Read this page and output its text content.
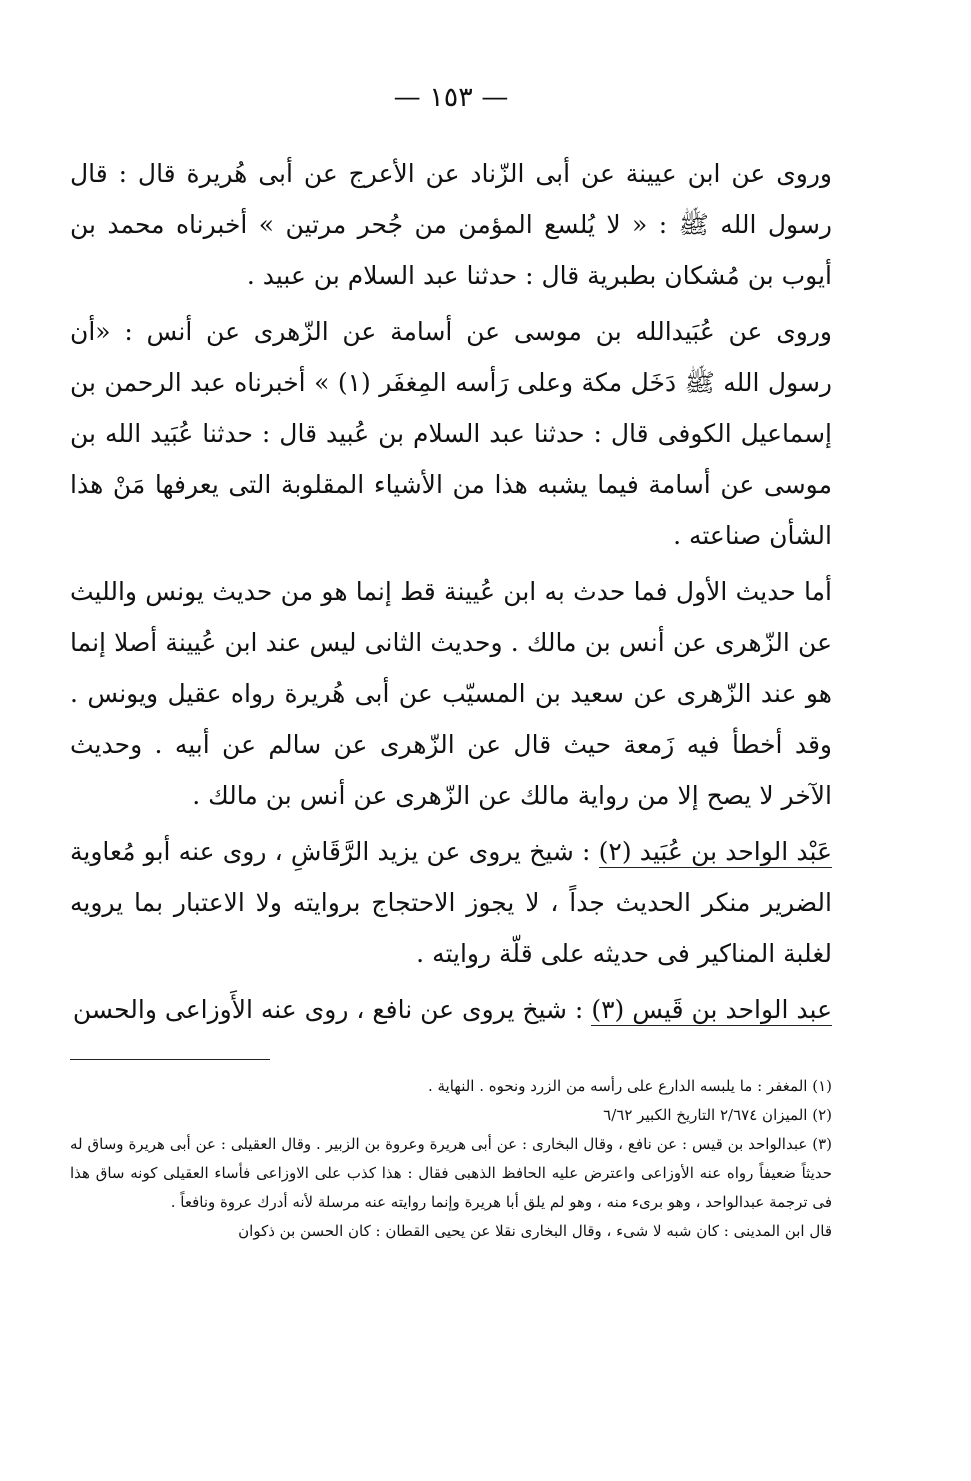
— ١٥٣ —

وروى عن ابن عيينة عن أبى الزّناد عن الأعرج عن أبى هُريرة قال : قال رسول الله ﷺ : « لا يُلسع المؤمن من جُحر مرتين » أخبرناه محمد بن أيوب بن مُشكان بطبرية قال : حدثنا عبد السلام بن عبيد .

وروى عن عُبَيدالله بن موسى عن أسامة عن الزّهرى عن أنس : «أن رسول الله ﷺ دَخَل مكة وعلى رَأسه المِغفَر (١) » أخبرناه عبد الرحمن بن إسماعيل الكوفى قال : حدثنا عبد السلام بن عُبيد قال : حدثنا عُبَيد الله بن موسى عن أسامة فيما يشبه هذا من الأشياء المقلوبة التى يعرفها مَنْ هذا الشأن صناعته .

أما حديث الأول فما حدث به ابن عُيينة قط إنما هو من حديث يونس والليث عن الزّهرى عن أنس بن مالك . وحديث الثانى ليس عند ابن عُيينة أصلا إنما هو عند الزّهرى عن سعيد بن المسيّب عن أبى هُريرة رواه عقيل ويونس . وقد أخطأ فيه زَمعة حيث قال عن الزّهرى عن سالم عن أبيه . وحديث الآخر لا يصح إلا من رواية مالك عن الزّهرى عن أنس بن مالك .

عَبْد الواحد بن عُبَيد (٢) : شيخ يروى عن يزيد الرَّقَاشِ ، روى عنه أبو مُعاوية الضرير منكر الحديث جداً ، لا يجوز الاحتجاج بروايته ولا الاعتبار بما يرويه لغلبة المناكير فى حديثه على قلّة روايته .

عبد الواحد بن قَيس (٣) : شيخ يروى عن نافع ، روى عنه الأَوزاعى والحسن

(١) المغفر : ما يلبسه الدارع على رأسه من الزرد ونحوه . النهاية .

(٢) الميزان ٢/٦٧٤ التاريخ الكبير ٦/٦٢

(٣) عبدالواحد بن قيس : عن نافع ، وقال البخارى : عن أبى هريرة وعروة بن الزبير . وقال العقيلى : عن أبى هريرة وساق له حديثاً ضعيفاً رواه عنه الأوزاعى واعترض عليه الحافظ الذهبى فقال : هذا كذب على الاوزاعى فأساء العقيلى كونه ساق هذا فى ترجمة عبدالواحد ، وهو برىء منه ، وهو لم يلق أبا هريرة وإنما روايته عنه مرسلة لأنه أدرك عروة ونافعاً .

قال ابن المدينى : كان شبه لا شىء ، وقال البخارى نقلا عن يحيى القطان : كان الحسن بن ذكوان
